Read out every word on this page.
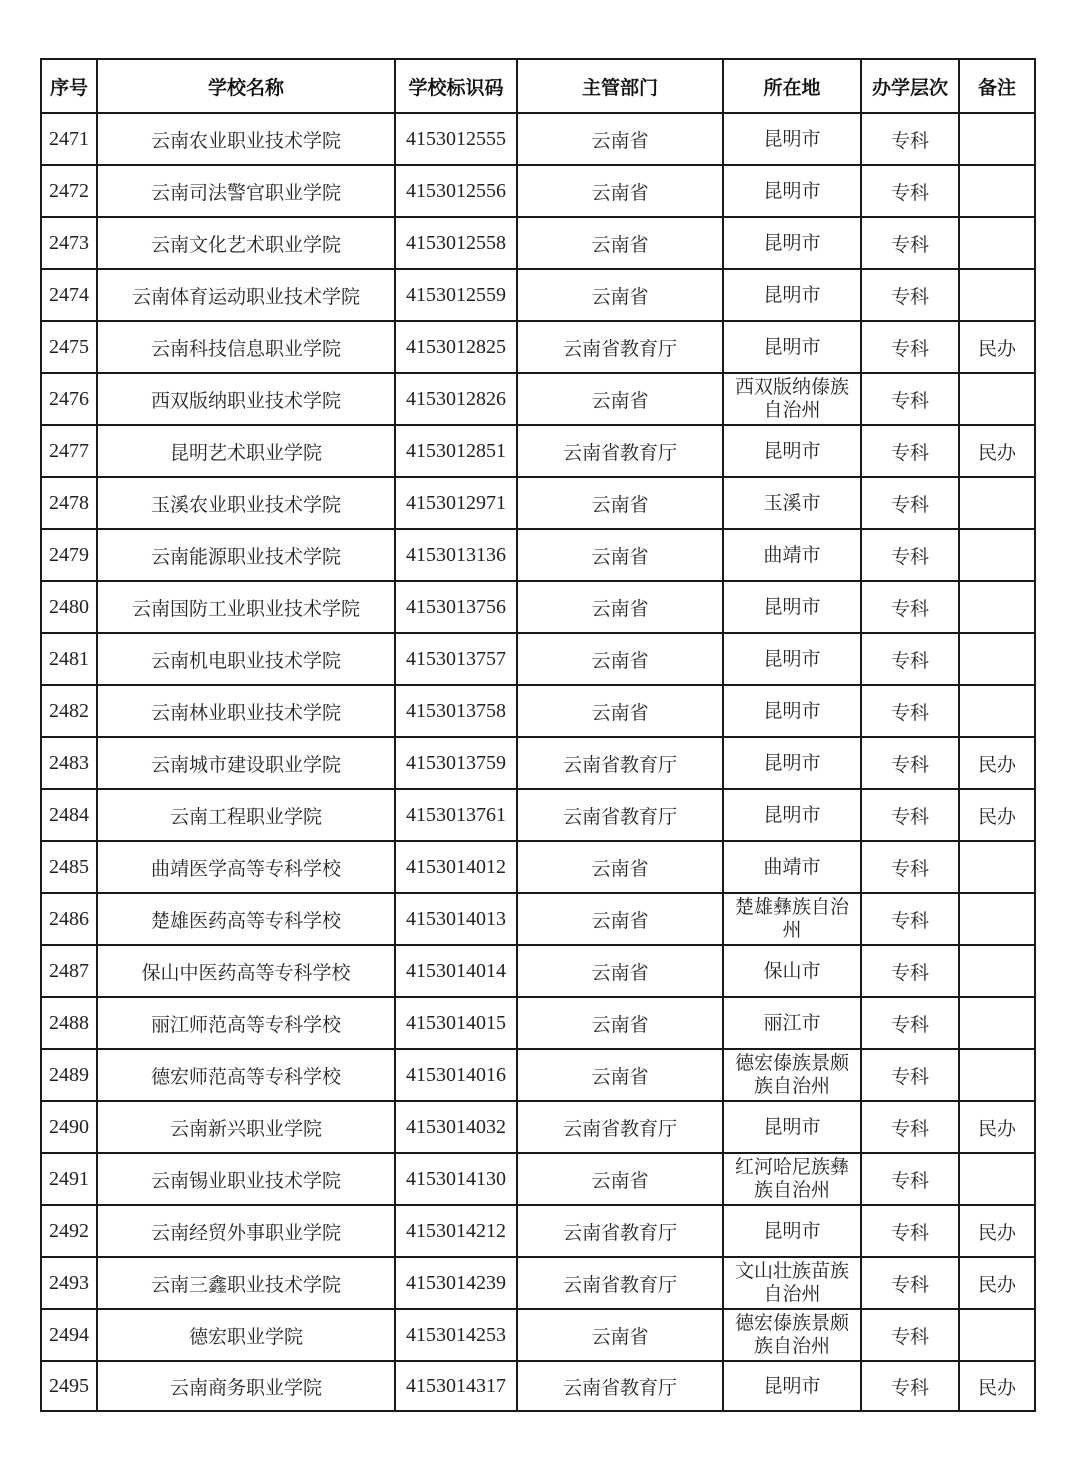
序号	学校名称	学校标识码	主管部门	所在地	办学层次	备注
2471	云南农业职业技术学院	4153012555	云南省	昆明市	专科	
2472	云南司法警官职业学院	4153012556	云南省	昆明市	专科	
2473	云南文化艺术职业学院	4153012558	云南省	昆明市	专科	
2474	云南体育运动职业技术学院	4153012559	云南省	昆明市	专科	
2475	云南科技信息职业学院	4153012825	云南省教育厅	昆明市	专科	民办
2476	西双版纳职业技术学院	4153012826	云南省	西双版纳傣族自治州	专科	
2477	昆明艺术职业学院	4153012851	云南省教育厅	昆明市	专科	民办
2478	玉溪农业职业技术学院	4153012971	云南省	玉溪市	专科	
2479	云南能源职业技术学院	4153013136	云南省	曲靖市	专科	
2480	云南国防工业职业技术学院	4153013756	云南省	昆明市	专科	
2481	云南机电职业技术学院	4153013757	云南省	昆明市	专科	
2482	云南林业职业技术学院	4153013758	云南省	昆明市	专科	
2483	云南城市建设职业学院	4153013759	云南省教育厅	昆明市	专科	民办
2484	云南工程职业学院	4153013761	云南省教育厅	昆明市	专科	民办
2485	曲靖医学高等专科学校	4153014012	云南省	曲靖市	专科	
2486	楚雄医药高等专科学校	4153014013	云南省	楚雄彝族自治州	专科	
2487	保山中医药高等专科学校	4153014014	云南省	保山市	专科	
2488	丽江师范高等专科学校	4153014015	云南省	丽江市	专科	
2489	德宏师范高等专科学校	4153014016	云南省	德宏傣族景颇族自治州	专科	
2490	云南新兴职业学院	4153014032	云南省教育厅	昆明市	专科	民办
2491	云南锡业职业技术学院	4153014130	云南省	红河哈尼族彝族自治州	专科	
2492	云南经贸外事职业学院	4153014212	云南省教育厅	昆明市	专科	民办
2493	云南三鑫职业技术学院	4153014239	云南省教育厅	文山壮族苗族自治州	专科	民办
2494	德宏职业学院	4153014253	云南省	德宏傣族景颇族自治州	专科	
2495	云南商务职业学院	4153014317	云南省教育厅	昆明市	专科	民办
